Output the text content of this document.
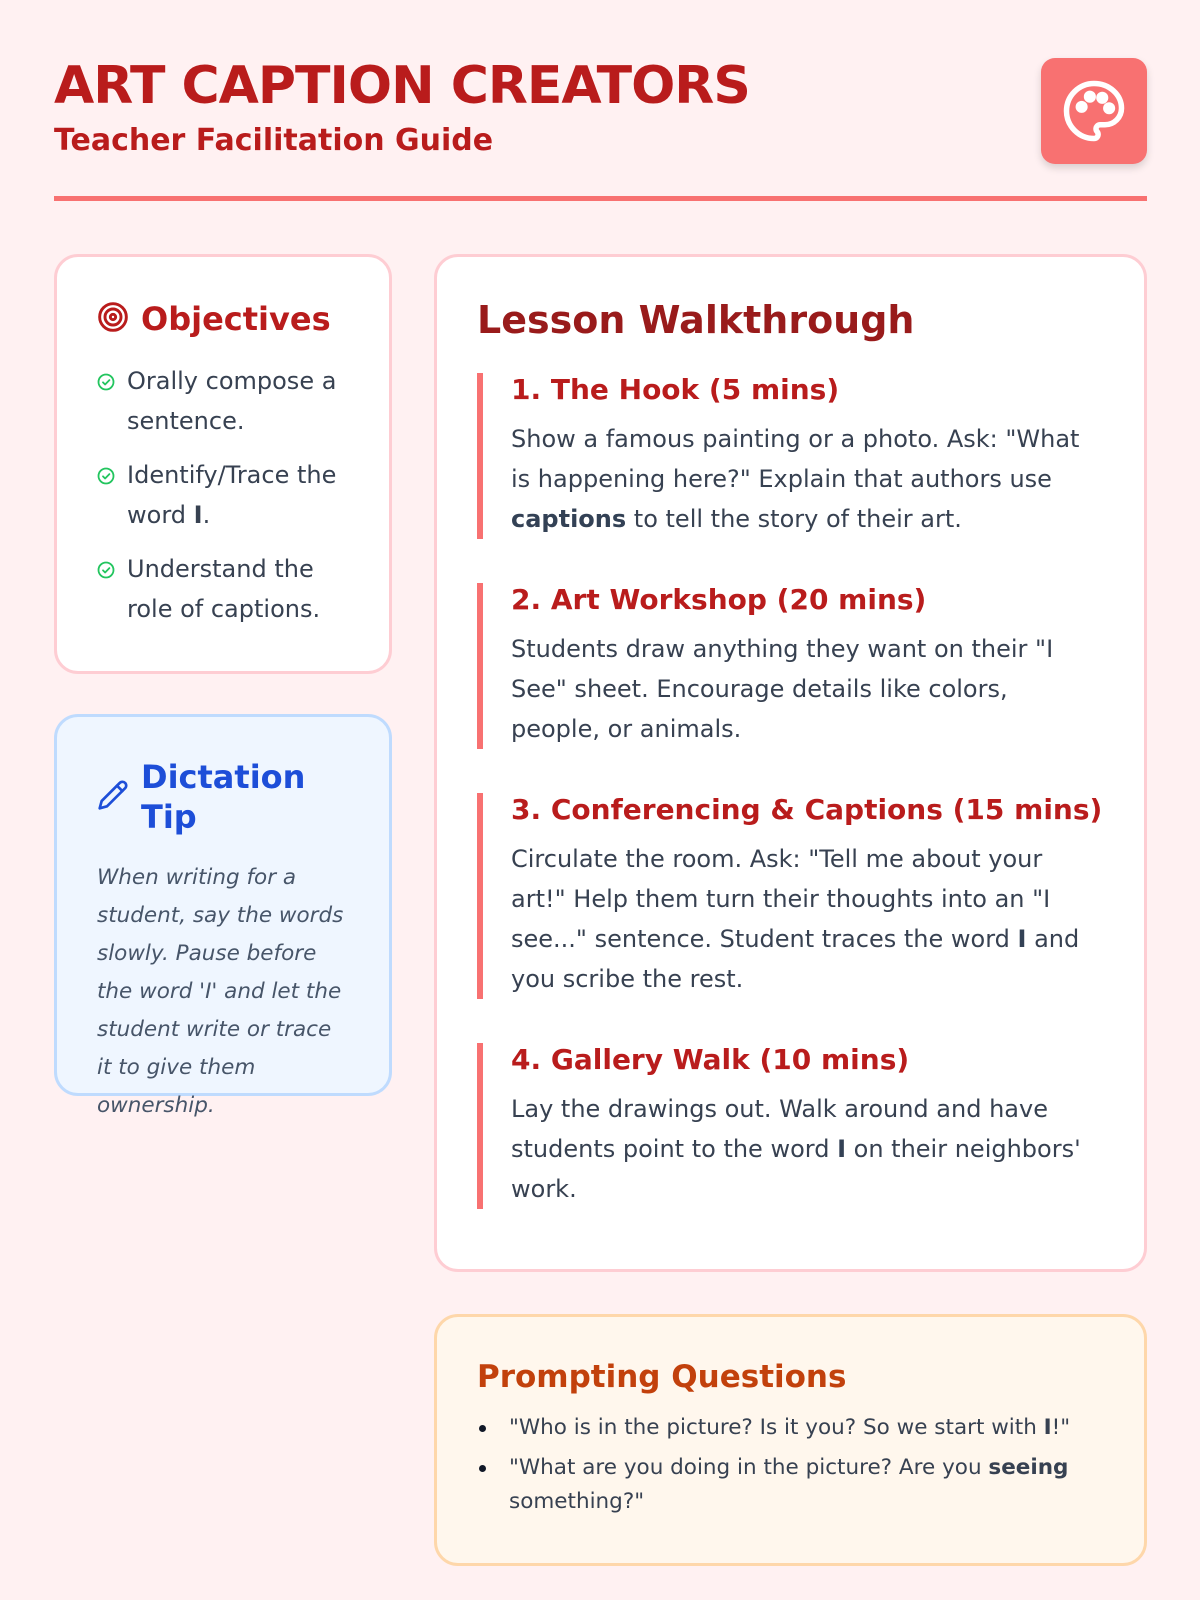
ART CAPTION CREATORS
Teacher Facilitation Guide
Objectives
Orally compose a sentence.
Identify/Trace the word I.
Understand the role of captions.
Dictation Tip

When writing for a student, say the words slowly. Pause before the word 'I' and let the student write or trace it to give them ownership.

Lesson Walkthrough
1. The Hook (5 mins)

Show a famous painting or a photo. Ask: "What is happening here?" Explain that authors use captions to tell the story of their art.

2. Art Workshop (20 mins)

Students draw anything they want on their "I See" sheet. Encourage details like colors, people, or animals.

3. Conferencing & Captions (15 mins)

Circulate the room. Ask: "Tell me about your art!" Help them turn their thoughts into an "I see..." sentence. Student traces the word I and you scribe the rest.

4. Gallery Walk (10 mins)

Lay the drawings out. Walk around and have students point to the word I on their neighbors' work.

Prompting Questions
"Who is in the picture? Is it you? So we start with I!"
"What are you doing in the picture? Are you seeing something?"
